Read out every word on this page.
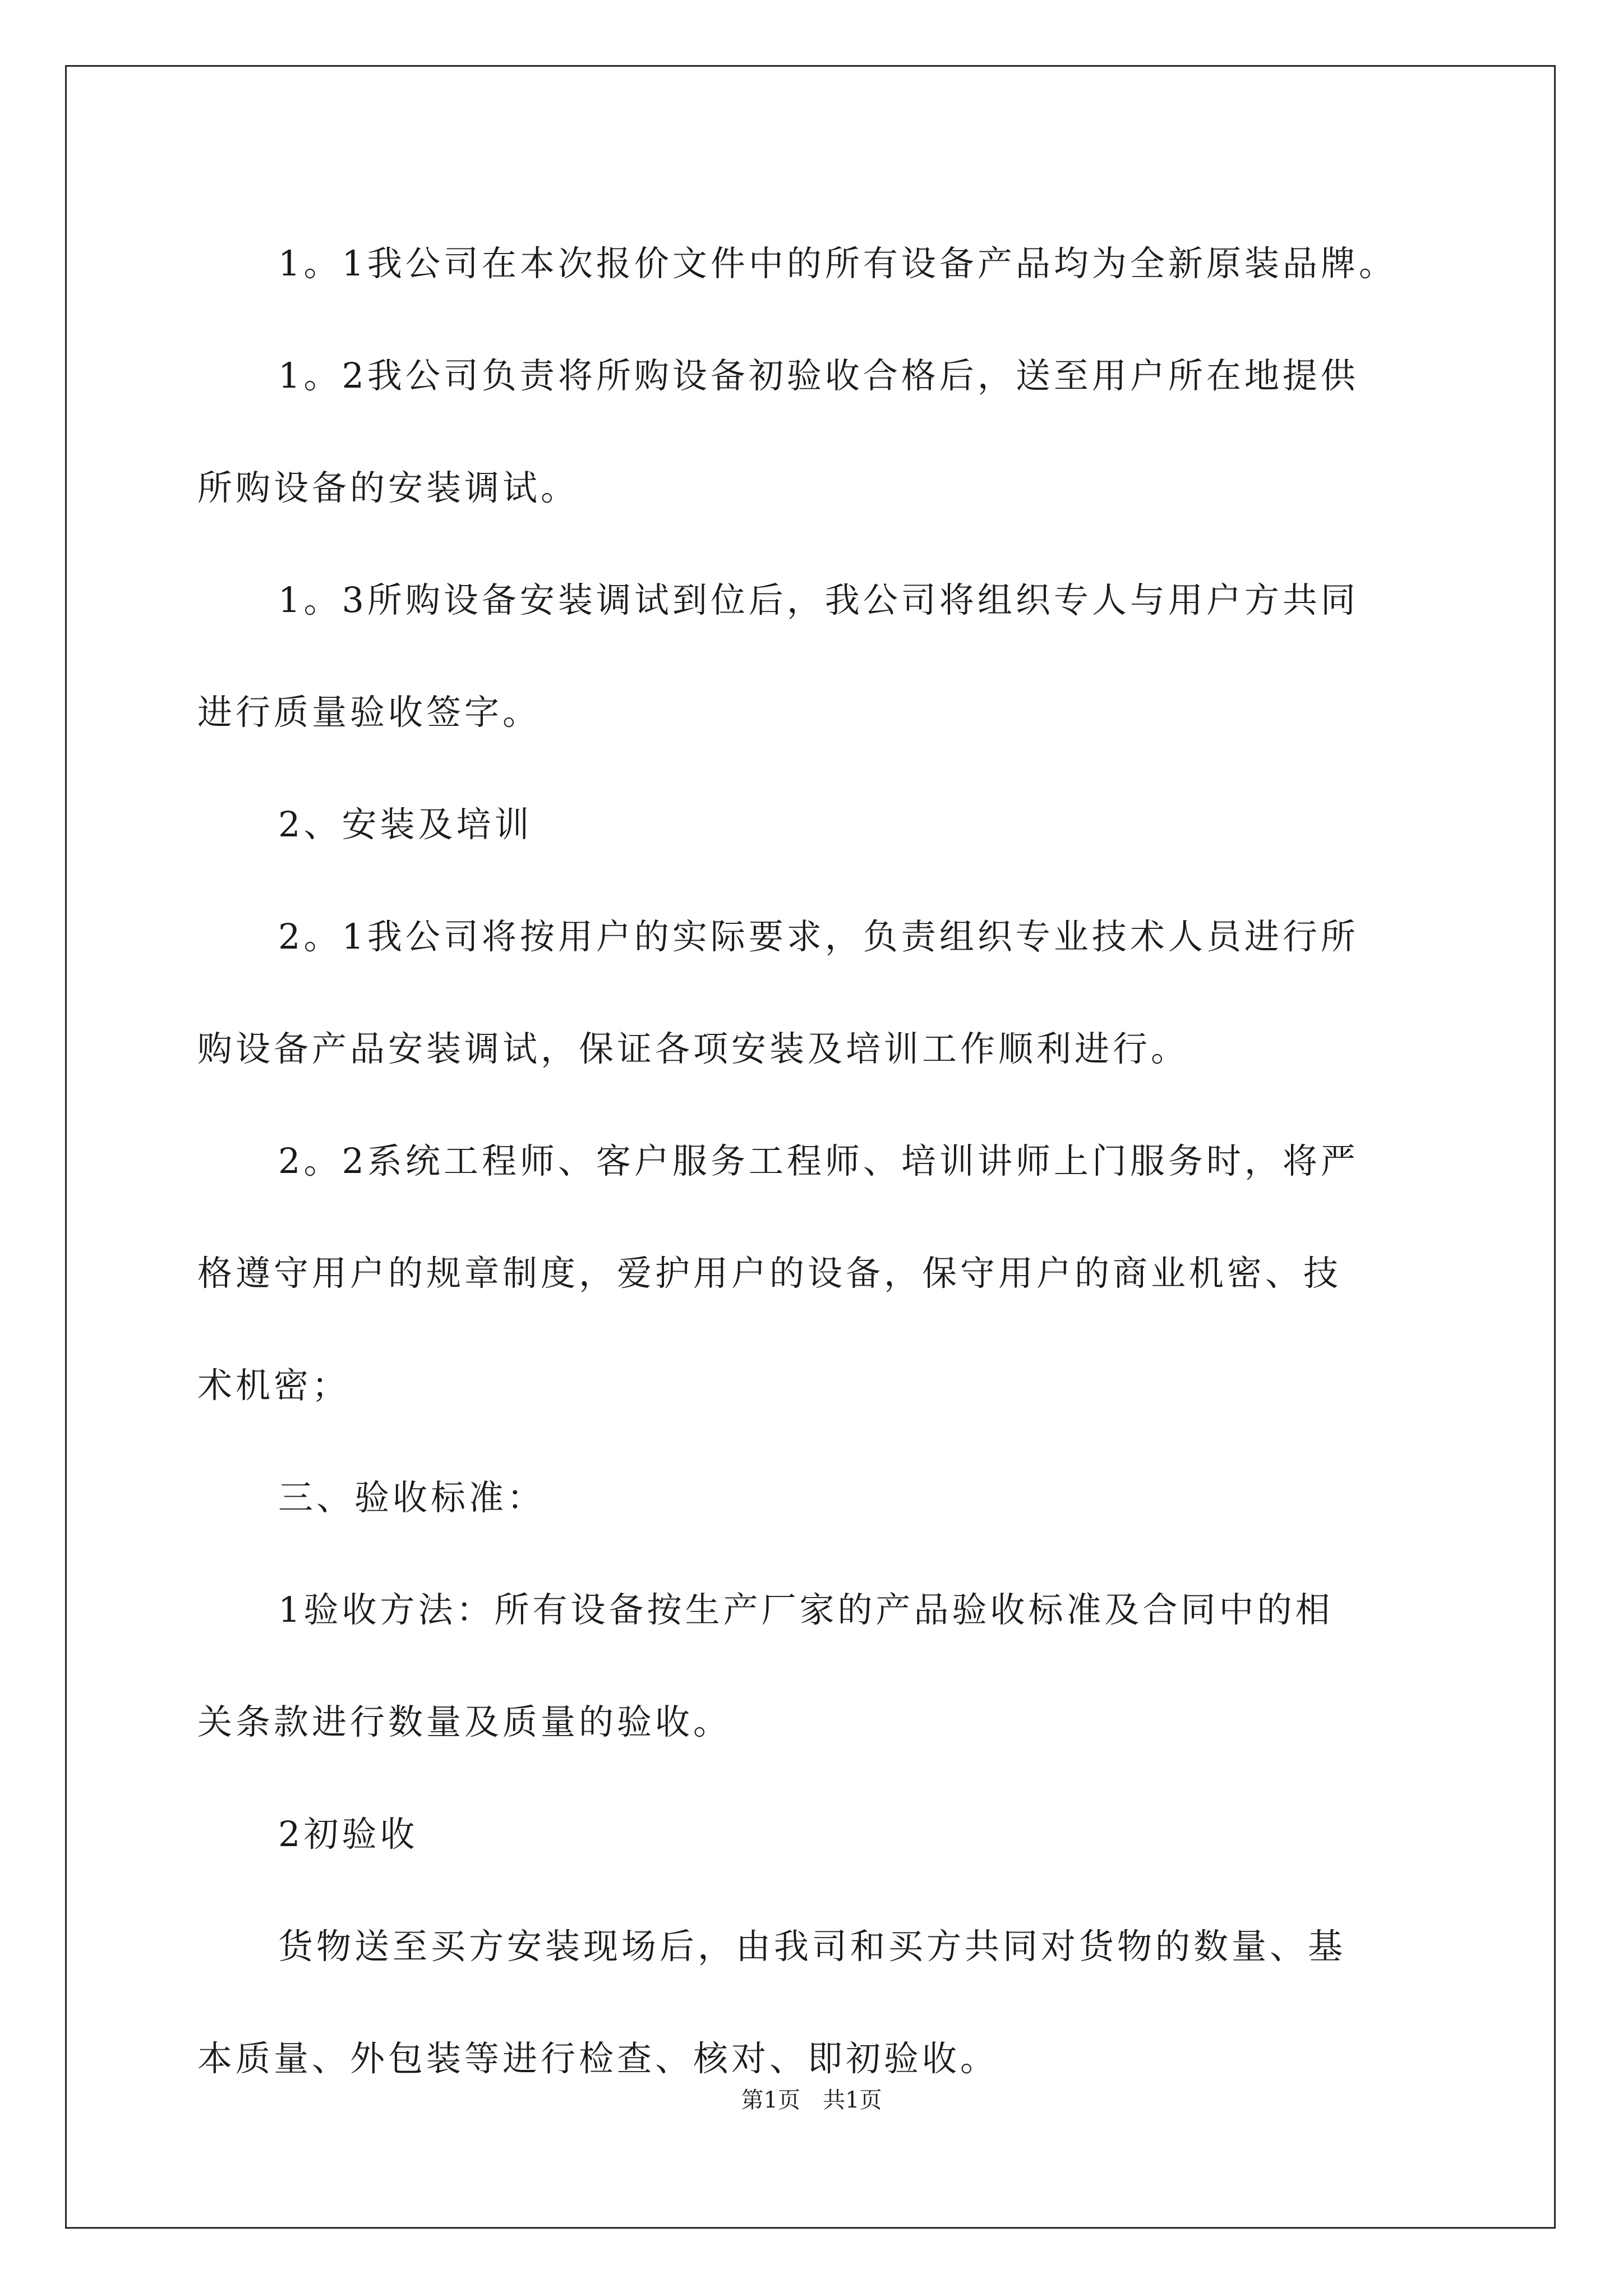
1。1我公司在本次报价文件中的所有设备产品均为全新原装品牌。

1。2我公司负责将所购设备初验收合格后，送至用户所在地提供

所购设备的安装调试。

1。3所购设备安装调试到位后，我公司将组织专人与用户方共同

进行质量验收签字。

2、安装及培训

2。1我公司将按用户的实际要求，负责组织专业技术人员进行所

购设备产品安装调试，保证各项安装及培训工作顺利进行。

2。2系统工程师、客户服务工程师、培训讲师上门服务时，将严

格遵守用户的规章制度，爱护用户的设备，保守用户的商业机密、技

术机密；

三、验收标准：

1验收方法：所有设备按生产厂家的产品验收标准及合同中的相

关条款进行数量及质量的验收。

2初验收

货物送至买方安装现场后，由我司和买方共同对货物的数量、基

本质量、外包装等进行检查、核对、即初验收。

第1页　共1页
